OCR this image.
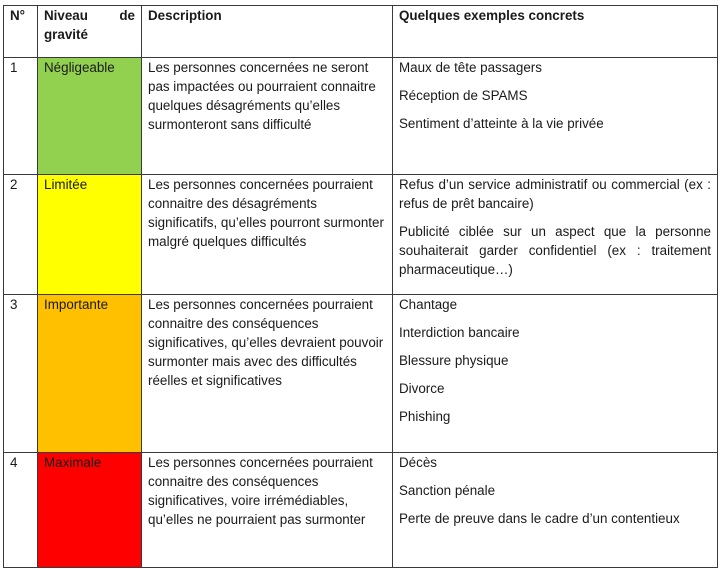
N°	Niveau de
gravité	Description	Quelques exemples concrets
1	Négligeable	Les personnes concernées ne seront pas impactées ou pourraient connaitre quelques désagréments qu’elles surmonteront sans difficulté	Maux de tête passagers
Réception de SPAMS
Sentiment d’atteinte à la vie privée

2	Limitée	Les personnes concernées pourraient connaitre des désagréments significatifs, qu’elles pourront surmonter malgré quelques difficultés	Refus d’un service administratif ou commercial (ex : refus de prêt bancaire)
Publicité ciblée sur un aspect que la personne souhaiterait garder confidentiel (ex : traitement pharmaceutique…)

3	Importante	Les personnes concernées pourraient connaitre des conséquences significatives, qu’elles devraient pouvoir surmonter mais avec des difficultés réelles et significatives	Chantage
Interdiction bancaire
Blessure physique
Divorce
Phishing

4	Maximale	Les personnes concernées pourraient connaitre des conséquences significatives, voire irrémédiables, qu’elles ne pourraient pas surmonter	Décès
Sanction pénale
Perte de preuve dans le cadre d’un contentieux
